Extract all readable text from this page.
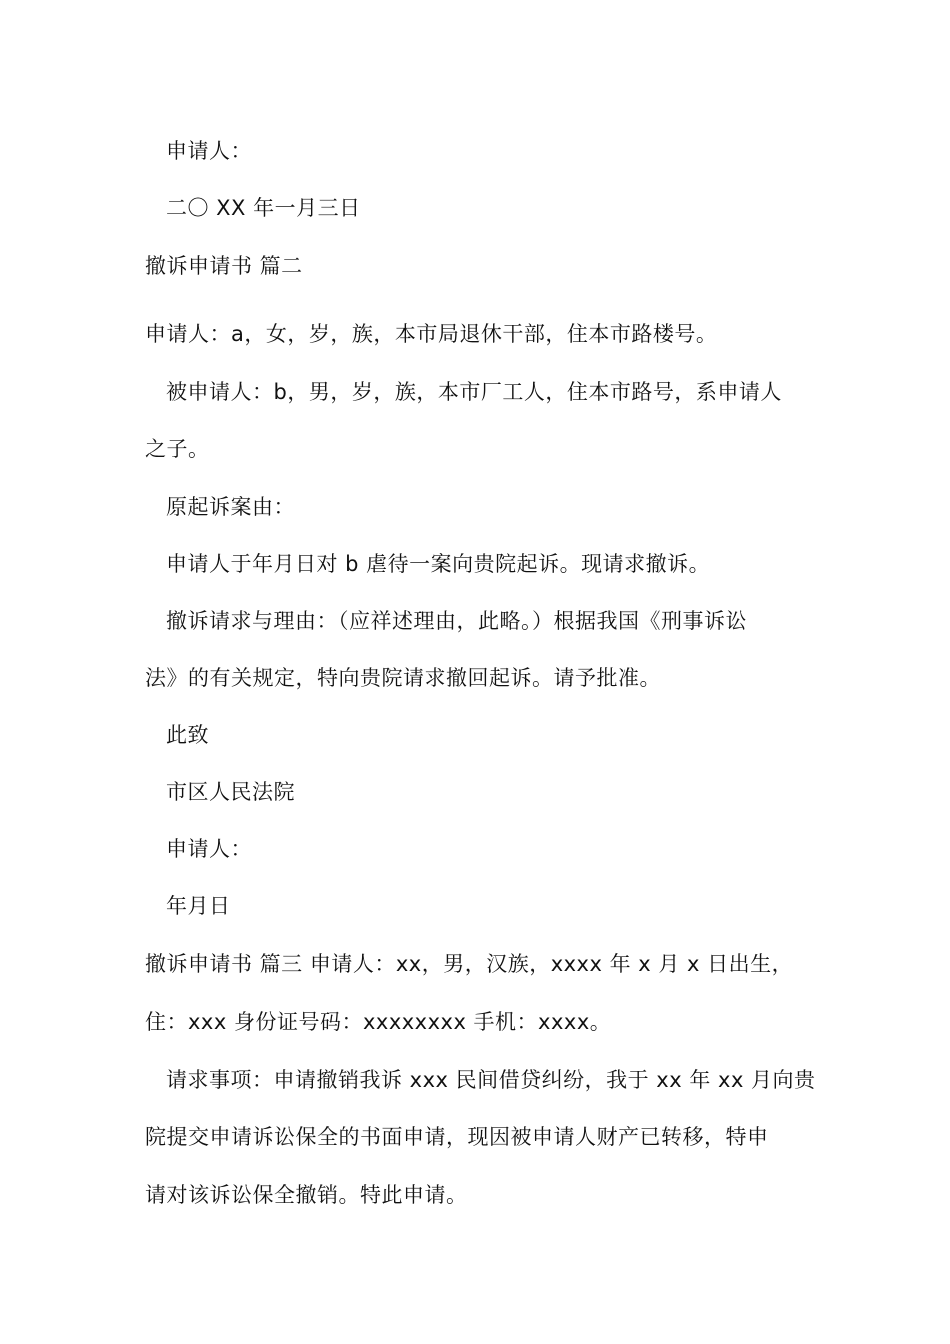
申请人：
二〇 XX 年一月三日
撤诉申请书 篇二
申请人：a，女，岁，族，本市局退休干部，住本市路楼号。
被申请人：b，男，岁，族，本市厂工人，住本市路号，系申请人
之子。
原起诉案由：
申请人于年月日对 b 虐待一案向贵院起诉。现请求撤诉。
撤诉请求与理由：（应祥述理由，此略。）根据我国《刑事诉讼
法》的有关规定，特向贵院请求撤回起诉。请予批准。
此致
市区人民法院
申请人：
年月日
撤诉申请书 篇三 申请人：xx，男，汉族，xxxx 年 x 月 x 日出生，
住：xxx 身份证号码：xxxxxxxx 手机：xxxx。
请求事项：申请撤销我诉 xxx 民间借贷纠纷，我于 xx 年 xx 月向贵
院提交申请诉讼保全的书面申请，现因被申请人财产已转移，特申
请对该诉讼保全撤销。特此申请。
